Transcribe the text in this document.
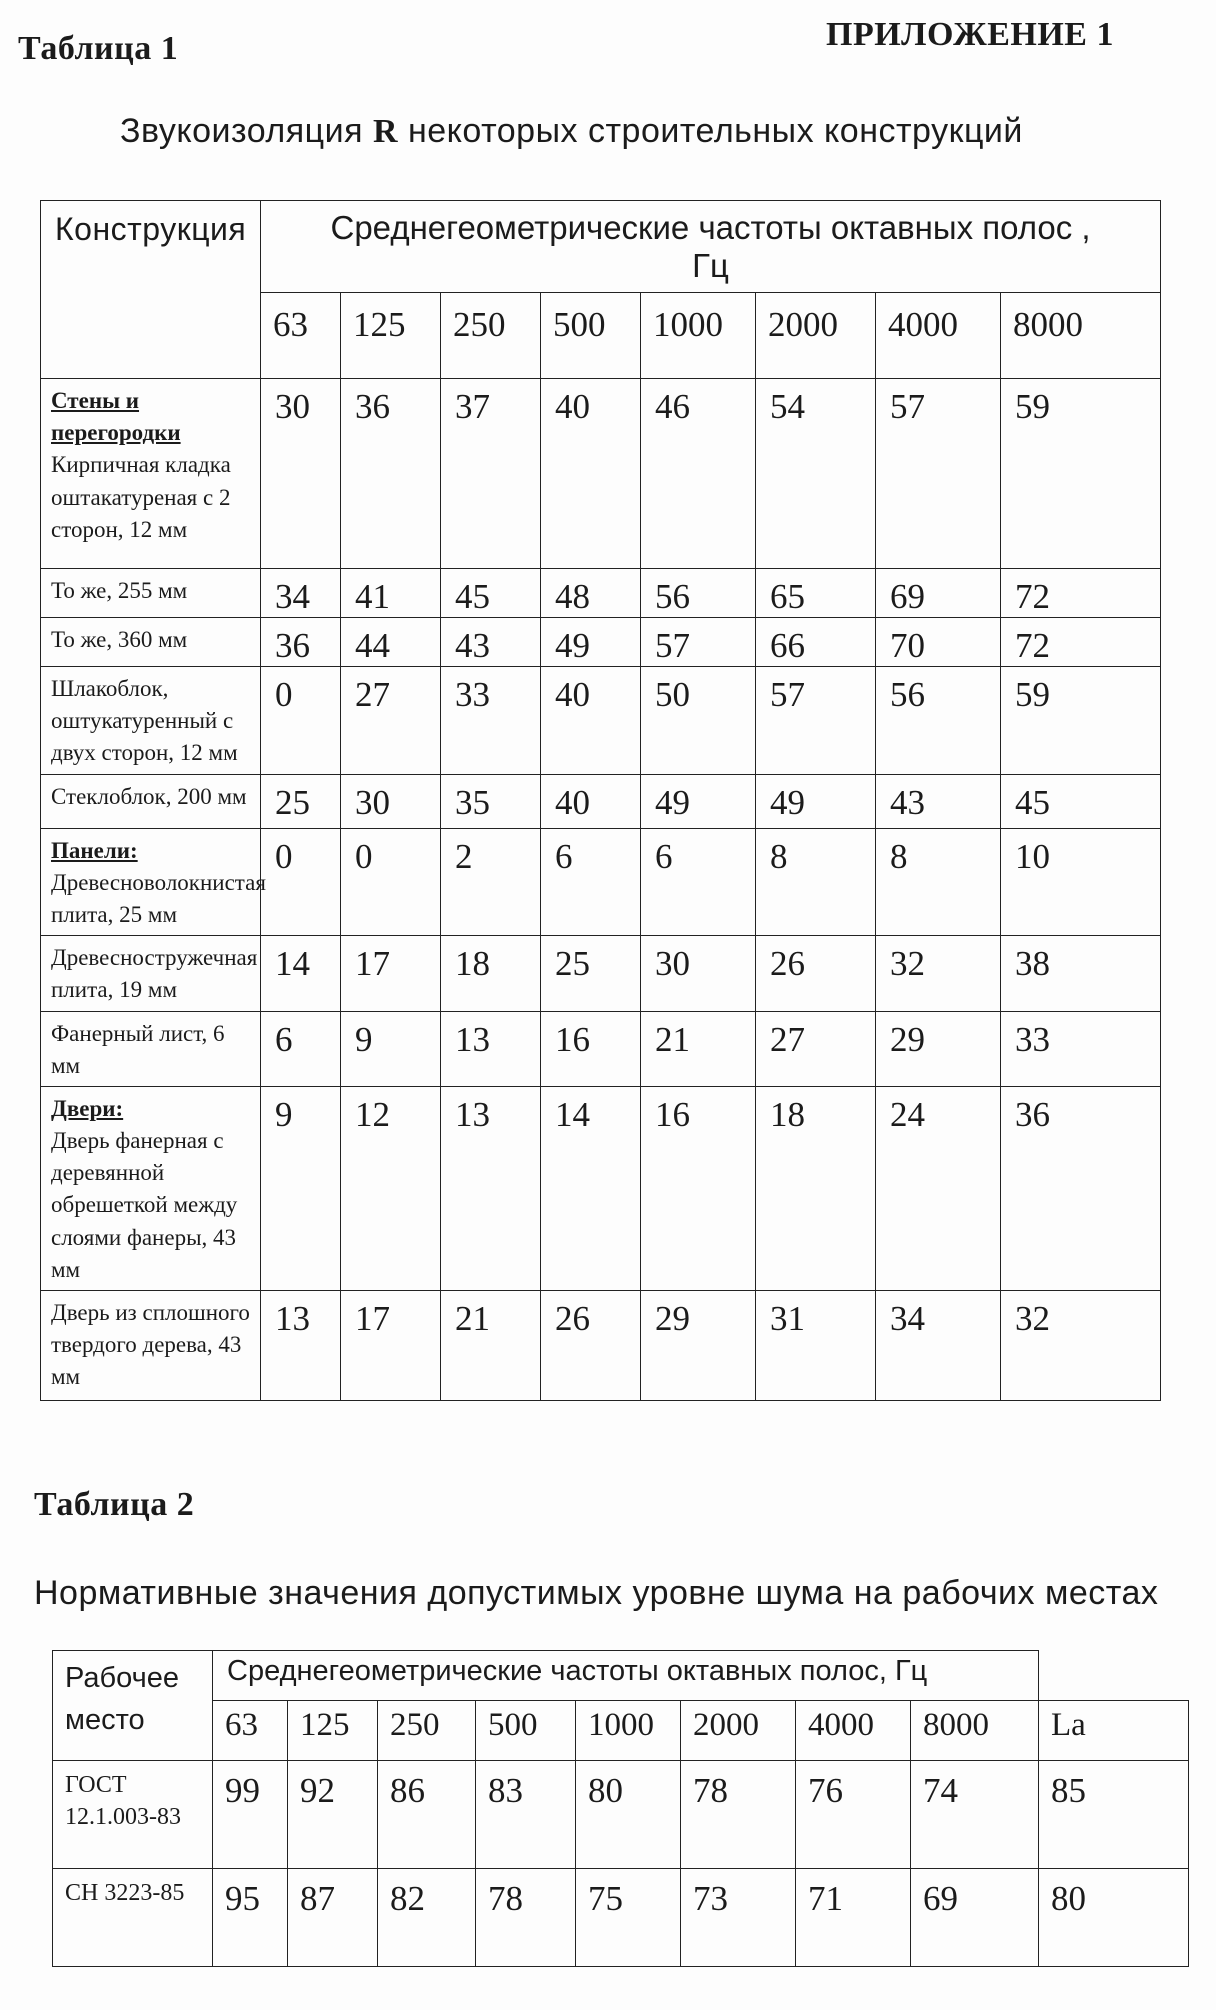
Таблица 1	ПРИЛОЖЕНИЕ 1
Звукоизоляция R некоторых строительных конструкций
Конструкция	Среднегеометрические частоты октавных полос ,
Гц							

	63	125	250	500	1000	2000	4000	8000

Стены и перегородки
Кирпичная кладка оштакатуреная с 2 сторон, 12 мм	30	36	37	40	46	54	57	59

То же, 255 мм	34	41	45	48	56	65	69	72

То же, 360 мм	36	44	43	49	57	66	70	72

Шлакоблок, оштукатуренный с двух сторон, 12 мм	0	27	33	40	50	57	56	59

Стеклоблок, 200 мм	25	30	35	40	49	49	43	45

Панели:
Древесноволокнистая плита, 25 мм	0	0	2	6	6	8	8	10

Древесностружечная плита, 19 мм	14	17	18	25	30	26	32	38

Фанерный лист, 6 мм	6	9	13	16	21	27	29	33

Двери:
Дверь фанерная с деревянной обрешеткой между слоями фанеры, 43 мм	9	12	13	14	16	18	24	36

Дверь из сплошного твердого дерева, 43 мм	13	17	21	26	29	31	34	32
Таблица 2
Нормативные значения допустимых уровне шума на рабочих местах
Рабочее место	Среднегеометрические частоты октавных полос, Гц								
	63	125	250	500	1000	2000	4000	8000	La
ГОСТ 12.1.003-83	99	92	86	83	80	78	76	74	85
СН 3223-85	95	87	82	78	75	73	71	69	80
